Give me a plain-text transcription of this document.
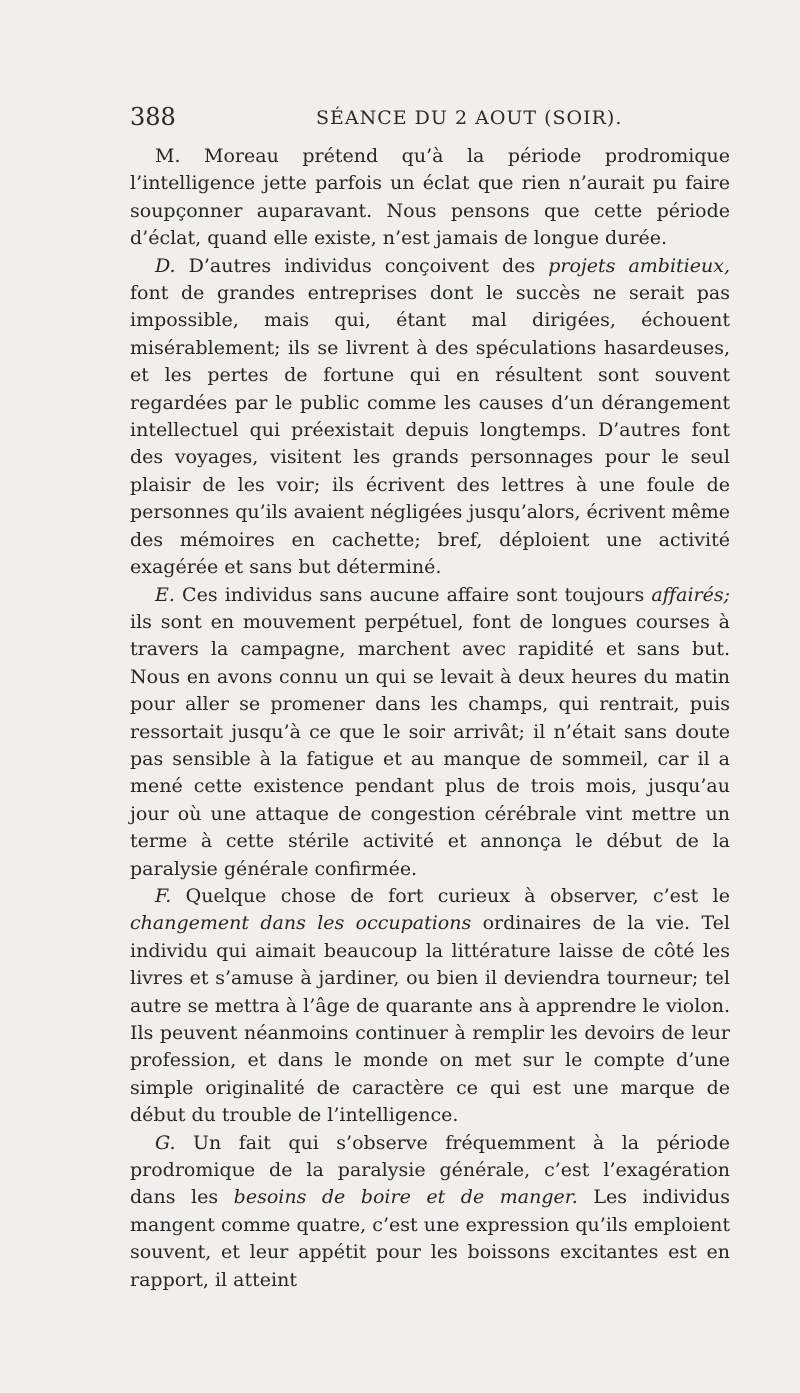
388	SÉANCE DU 2 AOUT (SOIR).

M. Moreau prétend qu’à la période prodromique l’intelligence jette parfois un éclat que rien n’aurait pu faire soupçonner auparavant. Nous pensons que cette période d’éclat, quand elle existe, n’est jamais de longue durée.

D. D’autres individus conçoivent des projets ambitieux, font de grandes entreprises dont le succès ne serait pas impossible, mais qui, étant mal dirigées, échouent misérablement; ils se livrent à des spéculations hasardeuses, et les pertes de fortune qui en résultent sont souvent regardées par le public comme les causes d’un dérangement intellectuel qui préexistait depuis longtemps. D’autres font des voyages, visitent les grands personnages pour le seul plaisir de les voir; ils écrivent des lettres à une foule de personnes qu’ils avaient négligées jusqu’alors, écrivent même des mémoires en cachette; bref, déploient une activité exagérée et sans but déterminé.

E. Ces individus sans aucune affaire sont toujours affairés; ils sont en mouvement perpétuel, font de longues courses à travers la campagne, marchent avec rapidité et sans but. Nous en avons connu un qui se levait à deux heures du matin pour aller se promener dans les champs, qui rentrait, puis ressortait jusqu’à ce que le soir arrivât; il n’était sans doute pas sensible à la fatigue et au manque de sommeil, car il a mené cette existence pendant plus de trois mois, jusqu’au jour où une attaque de congestion cérébrale vint mettre un terme à cette stérile activité et annonça le début de la paralysie générale confirmée.

F. Quelque chose de fort curieux à observer, c’est le changement dans les occupations ordinaires de la vie. Tel individu qui aimait beaucoup la littérature laisse de côté les livres et s’amuse à jardiner, ou bien il deviendra tourneur; tel autre se mettra à l’âge de quarante ans à apprendre le violon. Ils peuvent néanmoins continuer à remplir les devoirs de leur profession, et dans le monde on met sur le compte d’une simple originalité de caractère ce qui est une marque de début du trouble de l’intelligence.

G. Un fait qui s’observe fréquemment à la période prodromique de la paralysie générale, c’est l’exagération dans les besoins de boire et de manger. Les individus mangent comme quatre, c’est une expression qu’ils emploient souvent, et leur appétit pour les boissons excitantes est en rapport, il atteint
